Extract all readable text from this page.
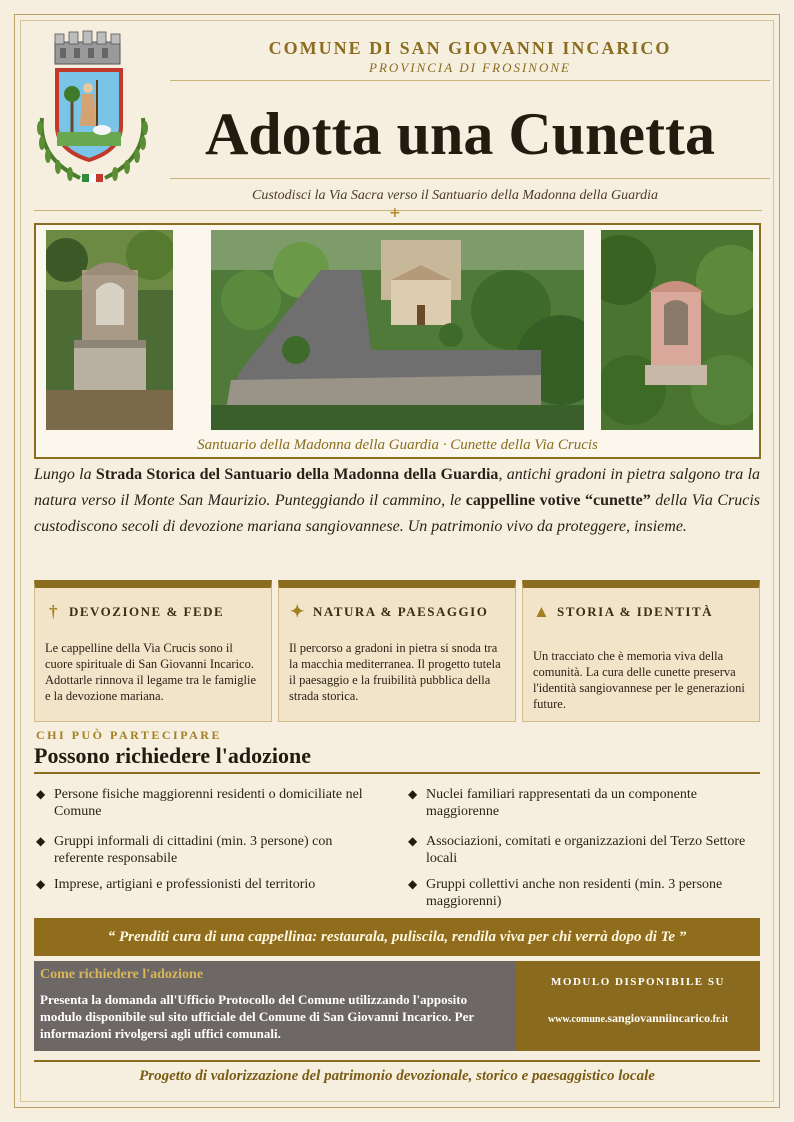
COMUNE DI SAN GIOVANNI INCARICO
PROVINCIA DI FROSINONE
Adotta una Cunetta
Custodisci la Via Sacra verso il Santuario della Madonna della Guardia
+
Santuario della Madonna della Guardia · Cunette della Via Crucis
Lungo la Strada Storica del Santuario della Madonna della Guardia, antichi gradoni in pietra salgono tra la natura verso il Monte San Maurizio. Punteggiando il cammino, le cappelline votive “cunette” della Via Crucis custodiscono secoli di devozione mariana sangiovannese. Un patrimonio vivo da proteggere, insieme.
† DEVOZIONE & FEDE
Le cappelline della Via Crucis sono il cuore spirituale di San Giovanni Incarico. Adottarle rinnova il legame tra le famiglie e la devozione mariana.
✦ NATURA & PAESAGGIO
Il percorso a gradoni in pietra si snoda tra la macchia mediterranea. Il progetto tutela il paesaggio e la fruibilità pubblica della strada storica.
▲ STORIA & IDENTITÀ
Un tracciato che è memoria viva della comunità. La cura delle cunette preserva l'identità sangiovannese per le generazioni future.
CHI PUÒ PARTECIPARE
Possono richiedere l'adozione
◆ Persone fisiche maggiorenni residenti o domiciliate nel Comune
◆ Nuclei familiari rappresentati da un componente maggiorenne
◆ Gruppi informali di cittadini (min. 3 persone) con referente responsabile
◆ Associazioni, comitati e organizzazioni del Terzo Settore locali
◆ Imprese, artigiani e professionisti del territorio	◆ Gruppi collettivi anche non residenti (min. 3 persone maggiorenni)
“ Prenditi cura di una cappellina: restaurala, puliscila, rendila viva per chi verrà dopo di Te ”
Come richiedere l'adozione
Presenta la domanda all'Ufficio Protocollo del Comune utilizzando l'apposito modulo disponibile sul sito ufficiale del Comune di San Giovanni Incarico. Per informazioni rivolgersi agli uffici comunali.
MODULO DISPONIBILE SU
www.comune.sangiovanniincarico.fr.it
Progetto di valorizzazione del patrimonio devozionale, storico e paesaggistico locale
